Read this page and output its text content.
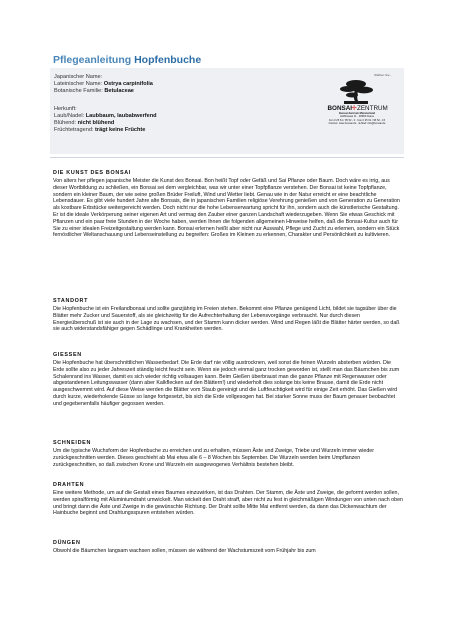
Pflegeanleitung Hopfenbuche
Japanischer Name:
Lateinischer Name: Ostrya carpinifolia
Botanische Familie: Betulaceae
Herkunft:
Laub/Nadel: Laubbaum, laubabwerfend
Blühend: nicht blühend
Früchtetragend: trägt keine Früchte
Wählen Sie...
BONSAI ✛ ZENTRUM
Bonsai-Zentrum Münsterland
Hoffbrassel 11 · 48683 Ahaus
Fon 0 25 61 / 95 52 - 0 · Fax 0 25 61 / 95 52 - 15
Internet: www.bonsai.de · E-Mail: info@bonsai.de
DIE KUNST DES BONSAI

Von alters her pflegen japanische Meister die Kunst des Bonsai. Bon heißt Topf oder Gefäß und Sai Pflanze oder Baum. Doch wäre es irrig, aus dieser Wortbildung zu schließen, ein Bonsai sei dem vergleichbar, was wir unter einer Topfpflanze verstehen. Der Bonsai ist keine Topfpflanze, sondern ein kleiner Baum, der wie seine großen Brüder Freiluft, Wind und Wetter liebt. Genau wie in der Natur erreicht er eine beachtliche Lebensdauer. Es gibt viele hundert Jahre alte Bonsais, die in japanischen Familien religiöse Verehrung genießen und von Generation zu Generation als kostbare Erbstücke weitergereicht werden. Doch nicht nur die hohe Lebenserwartung spricht für ihn, sondern auch die künstlerische Gestaltung. Er ist die ideale Verkörperung seiner eigenen Art und vermag den Zauber einer ganzen Landschaft wiederzugeben. Wenn Sie etwas Geschick mit Pflanzen und ein paar freie Stunden in der Woche haben, werden Ihnen die folgenden allgemeinen Hinweise helfen, daß die Bonsai-Kultur auch für Sie zu einer idealen Freizeitgestaltung werden kann. Bonsai erlernen heißt aber nicht nur Auswahl, Pflege und Zucht zu erlernen, sondern ein Stück fernöstlicher Weltanschauung und Lebenseinstellung zu begreifen: Großes im Kleinen zu erkennen, Charakter und Persönlichkeit zu kultivieren.

STANDORT

Die Hopfenbuche ist ein Freilandbonsai und sollte ganzjährig im Freien stehen. Bekommt eine Pflanze genügend Licht, bildet sie tagsüber über die Blätter mehr Zucker und Sauerstoff, als sie gleichzeitig für die Aufrechterhaltung der Lebensvorgänge verbraucht. Nur durch diesen Energieüberschuß ist sie auch in der Lage zu wachsen, und der Stamm kann dicker werden. Wind und Regen läßt die Blätter härter werden, so daß sie auch widerstandsfähiger gegen Schädlinge und Krankheiten werden.

GIESSEN

Die Hopfenbuche hat überschnittlichen Wasserbedarf. Die Erde darf nie völlig austrocknen, weil sonst die feinen Wurzeln absterben würden. Die Erde sollte also zu jeder Jahreszeit ständig leicht feucht sein. Wenn sie jedoch einmal ganz trocken geworden ist, stellt man das Bäumchen bis zum Schalenrand ins Wasser, damit es sich wieder richtig vollsaugen kann. Beim Gießen überbraust man die ganze Pflanze mit Regenwasser oder abgestandenen Leitungswasser (dann aber Kalkflecken auf den Blättern!) und wiederholt dies solange bis keine Brause, damit die Erde nicht ausgeschwemmt wird. Auf diese Weise werden die Blätter vom Staub gereinigt und die Luftfeuchtigkeit wird für einige Zeit erhöht. Das Gießen wird durch kurze, wiederholende Güsse so lange fortgesetzt, bis sich die Erde vollgesogen hat. Bei starker Sonne muss der Baum genauer beobachtet und gegebenenfalls häufiger gegossen werden.

SCHNEIDEN

Um die typische Wuchsform der Hopfenbuche zu erreichen und zu erhalten, müssen Äste und Zweige, Triebe und Wurzeln immer wieder zurückgeschnitten werden. Dieses geschieht ab Mai etwa alle 6 – 8 Wochen bis September. Die Wurzeln werden beim Umpflanzen zurückgeschnitten, so daß zwischen Krone und Wurzeln ein ausgewogenes Verhältnis bestehen bleibt.

DRAHTEN

Eine weitere Methode, um auf die Gestalt eines Baumes einzuwirken, ist das Drahten. Der Stamm, die Äste und Zweige, die geformt werden sollen, werden spiralförmig mit Aluminiumdraht umwickelt. Man wickelt den Draht straff, aber nicht zu fest in gleichmäßigen Windungen von unten nach oben und bringt dann die Äste und Zweige in die gewünschte Richtung. Der Draht sollte Mitte Mai entfernt werden, da dann das Dickenwachtum der Hainbuche beginnt und Drahtungsspuren entstehen würden.

DÜNGEN

Obwohl die Bäumchen langsam wachsen sollen, müssen sie während der Wachstumszeit vom Frühjahr bis zum
